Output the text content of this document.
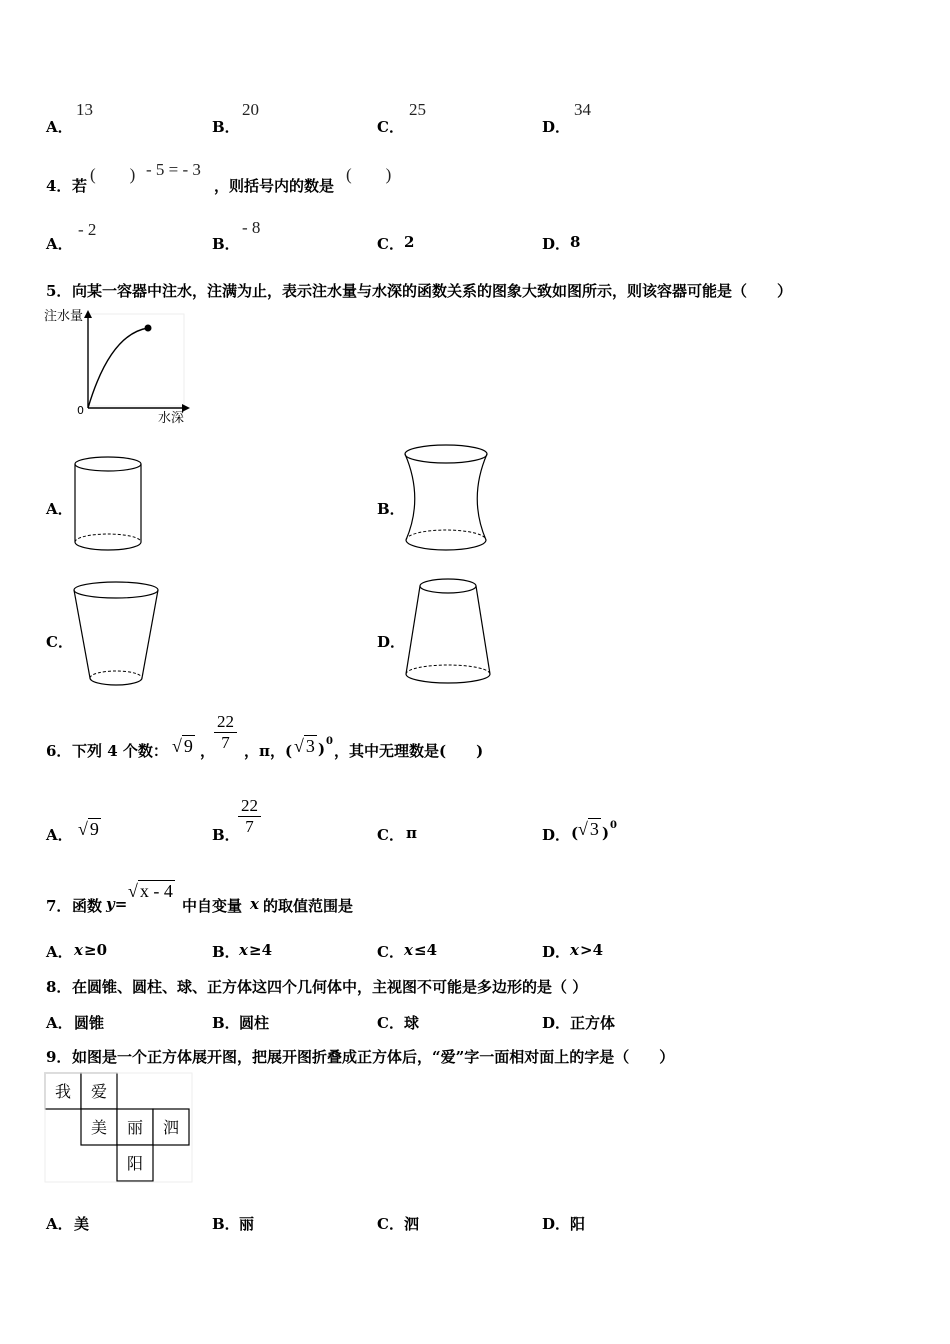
A．
13
B．
20
C．
25
D．
34
4． 若
(　　) - 5 = - 3
，则括号内的数是
(　　)
A．
- 2
B．
- 8
C． 2	D． 8
5． 向某一容器中注水，注满为止，表示注水量与水深的函数关系的图象大致如图所示，则该容器可能是（　　）
注水量
水深
0
A．	B．
C．	D．
6． 下列 4 个数： √ 9 ，
$\frac{22}{7}$ ，π，( √ 3 ) 0
，其中无理数是(　　)
A． √ 9	B．
$\frac{22}{7}$	C． π	D． ( √ 3 ) 0
7． 函数 y=
√ x - 4
中自变量 x 的取值范围是
A． x ≥0	B． x ≥4	C． x ≤4	D． x >4
8． 在圆锥、圆柱、球、正方体这四个几何体中，主视图不可能是多边形的是（ ）
A． 圆锥	B． 圆柱	C． 球	D． 正方体
9． 如图是一个正方体展开图，把展开图折叠成正方体后，“爱”字一面相对面上的字是（　　）
我 爱
美 丽 泗
阳
A． 美	B． 丽	C． 泗	D． 阳
